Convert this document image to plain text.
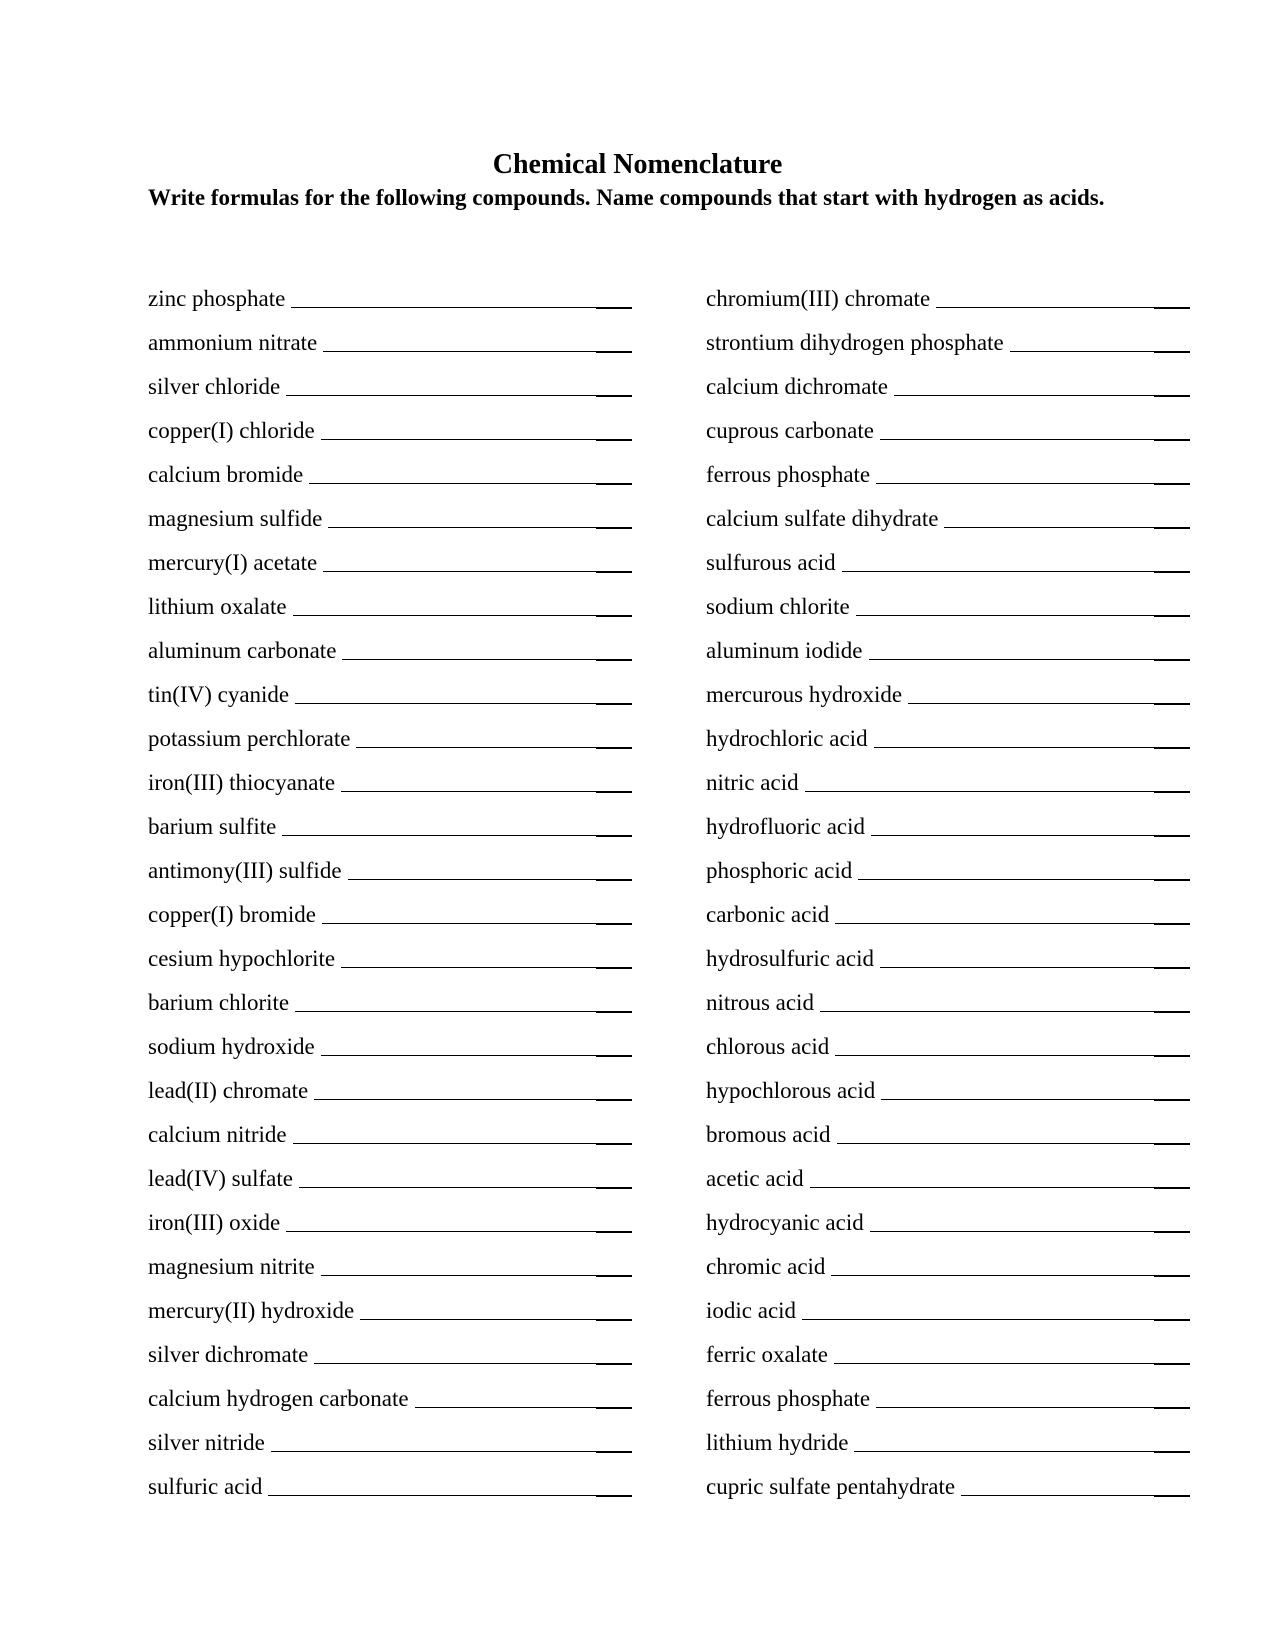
Chemical Nomenclature
Write formulas for the following compounds. Name compounds that start with hydrogen as acids.
zinc phosphate
ammonium nitrate
silver chloride
copper(I) chloride
calcium bromide
magnesium sulfide
mercury(I) acetate
lithium oxalate
aluminum carbonate
tin(IV) cyanide
potassium perchlorate
iron(III) thiocyanate
barium sulfite
antimony(III) sulfide
copper(I) bromide
cesium hypochlorite
barium chlorite
sodium hydroxide
lead(II) chromate
calcium nitride
lead(IV) sulfate
iron(III) oxide
magnesium nitrite
mercury(II) hydroxide
silver dichromate
calcium hydrogen carbonate
silver nitride
sulfuric acid
chromium(III) chromate
strontium dihydrogen phosphate
calcium dichromate
cuprous carbonate
ferrous phosphate
calcium sulfate dihydrate
sulfurous acid
sodium chlorite
aluminum iodide
mercurous hydroxide
hydrochloric acid
nitric acid
hydrofluoric acid
phosphoric acid
carbonic acid
hydrosulfuric acid
nitrous acid
chlorous acid
hypochlorous acid
bromous acid
acetic acid
hydrocyanic acid
chromic acid
iodic acid
ferric oxalate
ferrous phosphate
lithium hydride
cupric sulfate pentahydrate
